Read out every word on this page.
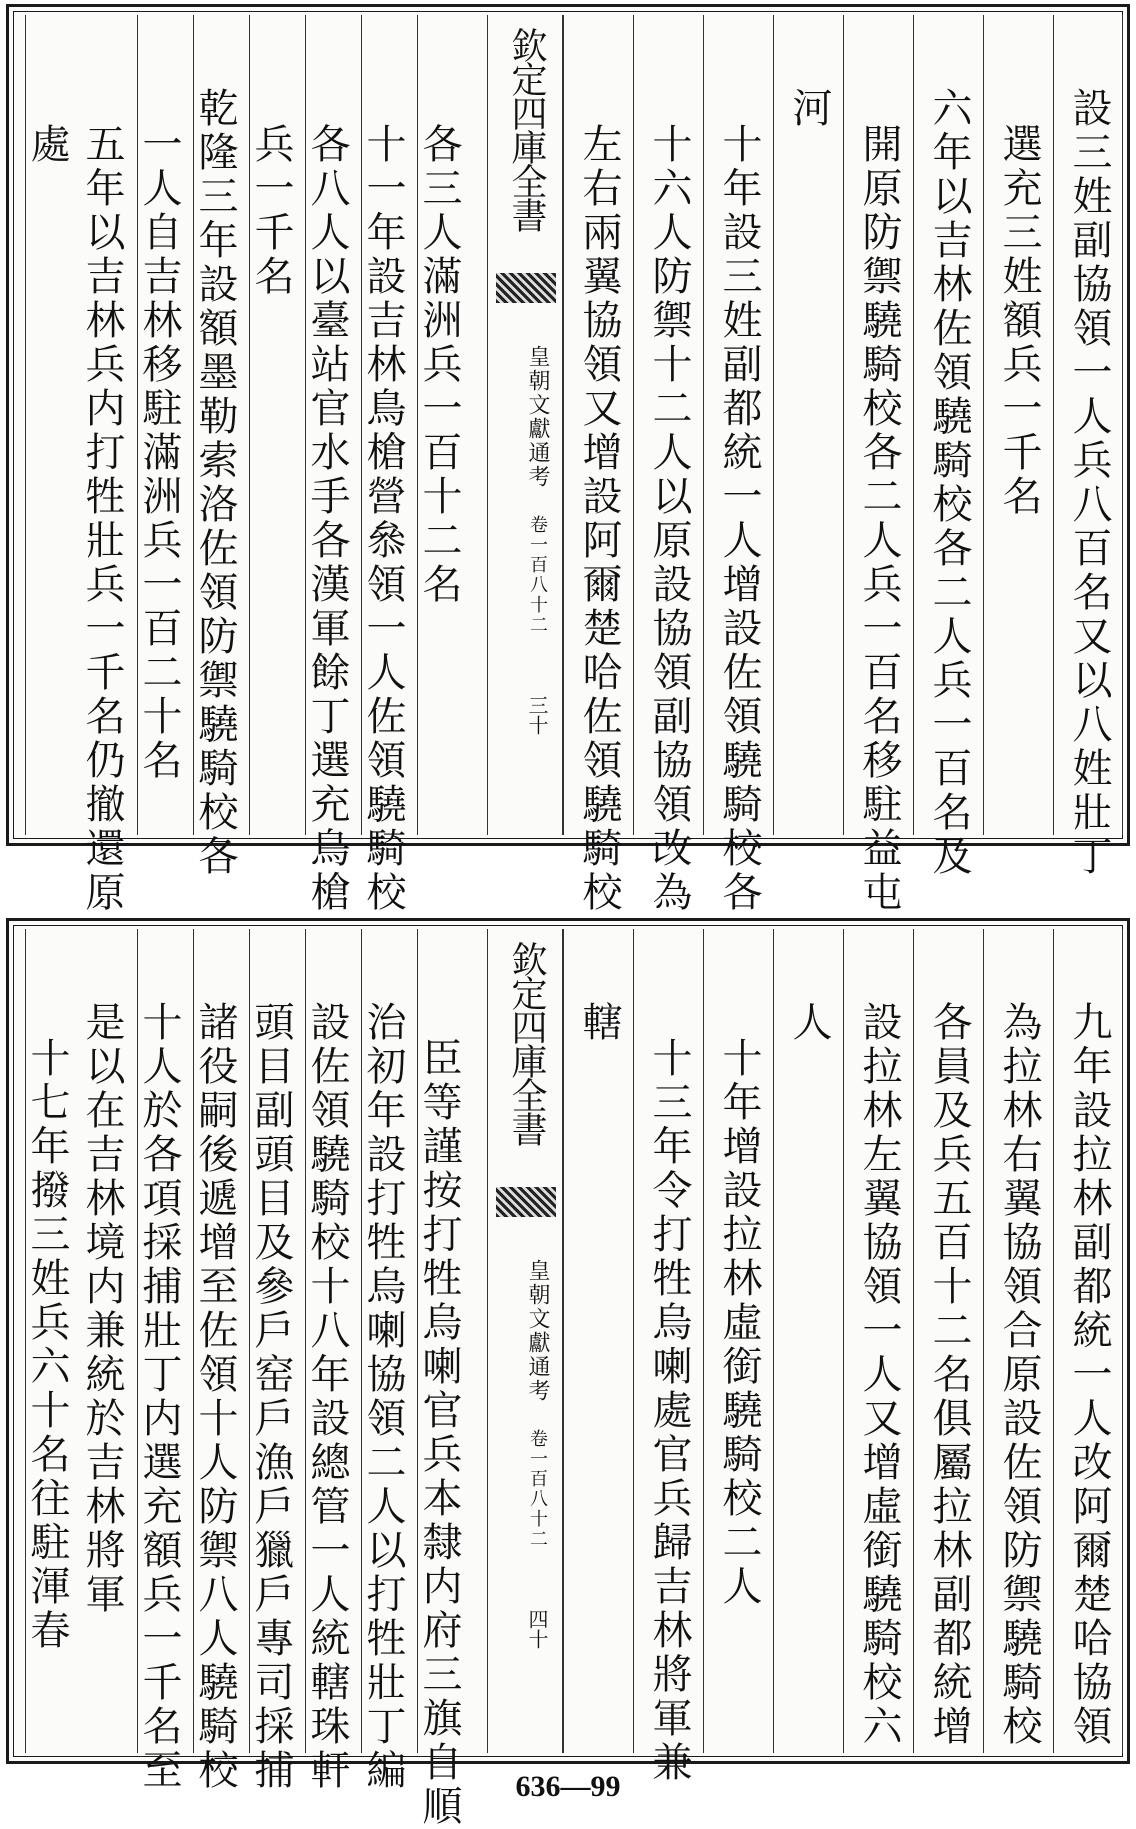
設三姓副協領一人兵八百名又以八姓壯丁
選充三姓額兵一千名
六年以吉林佐領驍騎校各二人兵一百名及
開原防禦驍騎校各二人兵一百名移駐益屯
河
十年設三姓副都統一人增設佐領驍騎校各
十六人防禦十二人以原設協領副協領改為
左右兩翼協領又增設阿爾楚哈佐領驍騎校
欽定四庫全書
皇朝文獻通考
卷一百八十二
三十
各三人滿洲兵一百十二名
十一年設吉林鳥槍營叅領一人佐領驍騎校
各八人以臺站官水手各漢軍餘丁選充鳥槍
兵一千名
乾隆三年設額墨勒索洛佐領防禦驍騎校各
一人自吉林移駐滿洲兵一百二十名
五年以吉林兵内打牲壯兵一千名仍撤還原
處
九年設拉林副都統一人改阿爾楚哈協領
為拉林右翼協領合原設佐領防禦驍騎校
各員及兵五百十二名俱屬拉林副都統增
設拉林左翼協領一人又增虛銜驍騎校六
人
十年增設拉林虛銜驍騎校二人
十三年令打牲烏喇處官兵歸吉林將軍兼
轄
欽定四庫全書
皇朝文獻通考
卷一百八十二
四十
臣等謹按打牲烏喇官兵本隸内府三旗自順
治初年設打牲烏喇協領二人以打牲壯丁編
設佐領驍騎校十八年設總管一人統轄珠軒
頭目副頭目及參戶窑戶漁戶獵戶專司採捕
諸役嗣後遞增至佐領十人防禦八人驍騎校
十人於各項採捕壯丁内選充額兵一千名至
是以在吉林境内兼統於吉林將軍
十七年撥三姓兵六十名往駐渾春
636—99
